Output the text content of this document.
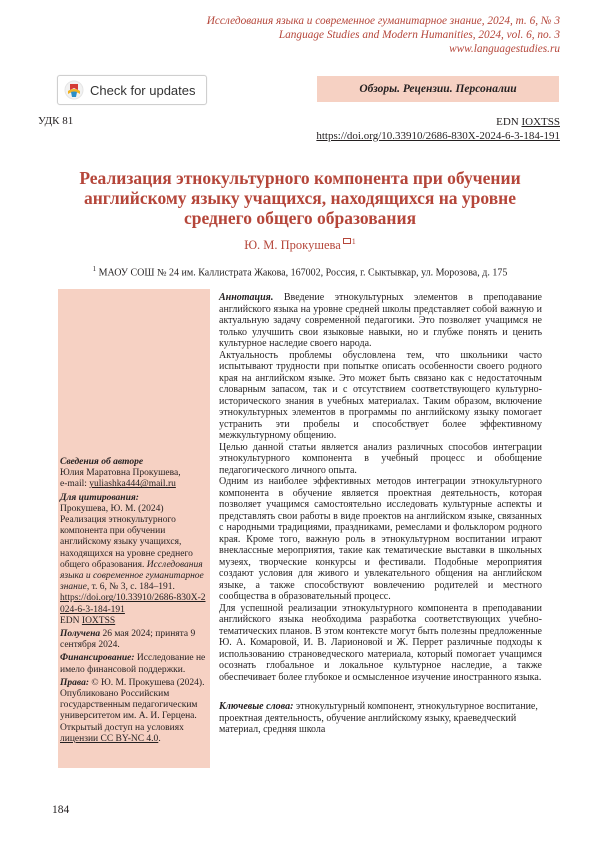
Исследования языка и современное гуманитарное знание, 2024, т. 6, № 3
Language Studies and Modern Humanities, 2024, vol. 6, no. 3
www.languagestudies.ru
Check for updates	Обзоры. Рецензии. Персоналии
УДК 81	EDN IOXTSS
https://doi.org/10.33910/2686-830X-2024-6-3-184-191
Реализация этнокультурного компонента при обучении английскому языку учащихся, находящихся на уровне среднего общего образования
Ю. М. Прокушева $^1$
$^1$ МАОУ СОШ № 24 им. Каллистрата Жакова, 167002, Россия, г. Сыктывкар, ул. Морозова, д. 175

Сведения об авторе

Юлия Маратовна Прокушева,

e-mail: yuliashka444@mail.ru

Для цитирования:

Прокушева, Ю. М. (2024) Реализация этнокультурного компонента при обучении английскому языку учащихся, находящихся на уровне среднего общего образования. Исследования языка и современное гуманитарное знание, т. 6, № 3, с. 184–191.
https://doi.org/10.33910/2686-830X-2024-6-3-184-191
EDN IOXTSS

Получена 26 мая 2024; принята 9 сентября 2024.

Финансирование: Исследование не имело финансовой поддержки.

Права: © Ю. М. Прокушева (2024). Опубликовано Российским государственным педагогическим университетом им. А. И. Герцена. Открытый доступ на условиях лицензии CC BY-NC 4.0.

Аннотация. Введение этнокультурных элементов в преподавание английского языка на уровне средней школы представляет собой важную и актуальную задачу современной педагогики. Это позволяет учащимся не только улучшить свои языковые навыки, но и глубже понять и ценить культурное наследие своего народа.

Актуальность проблемы обусловлена тем, что школьники часто испытывают трудности при попытке описать особенности своего родного края на английском языке. Это может быть связано как с недостаточным словарным запасом, так и с отсутствием соответствующего культурно-исторического знания в учебных материалах. Таким образом, включение этнокультурных элементов в программы по английскому языку помогает устранить эти пробелы и способствует более эффективному межкультурному общению.

Целью данной статьи является анализ различных способов интеграции этнокультурного компонента в учебный процесс и обобщение педагогического личного опыта.

Одним из наиболее эффективных методов интеграции этнокультурного компонента в обучение является проектная деятельность, которая позволяет учащимся самостоятельно исследовать культурные аспекты и представлять свои работы в виде проектов на английском языке, связанных с народными традициями, праздниками, ремеслами и фольклором родного края. Кроме того, важную роль в этнокультурном воспитании играют внеклассные мероприятия, такие как тематические выставки в школьных музеях, творческие конкурсы и фестивали. Подобные мероприятия создают условия для живого и увлекательного общения на английском языке, а также способствуют вовлечению родителей и местного сообщества в образовательный процесс.

Для успешной реализации этнокультурного компонента в преподавании английского языка необходима разработка соответствующих учебно-тематических планов. В этом контексте могут быть полезны предложенные Ю. А. Комаровой, И. В. Ларионовой и Ж. Перрет различные подходы к использованию страноведческого материала, который помогает учащимся осознать глобальное и локальное культурное наследие, а также обеспечивает более глубокое и осмысленное изучение иностранного языка.

Ключевые слова: этнокультурный компонент, этнокультурное воспитание, проектная деятельность, обучение английскому языку, краеведческий материал, средняя школа
184
